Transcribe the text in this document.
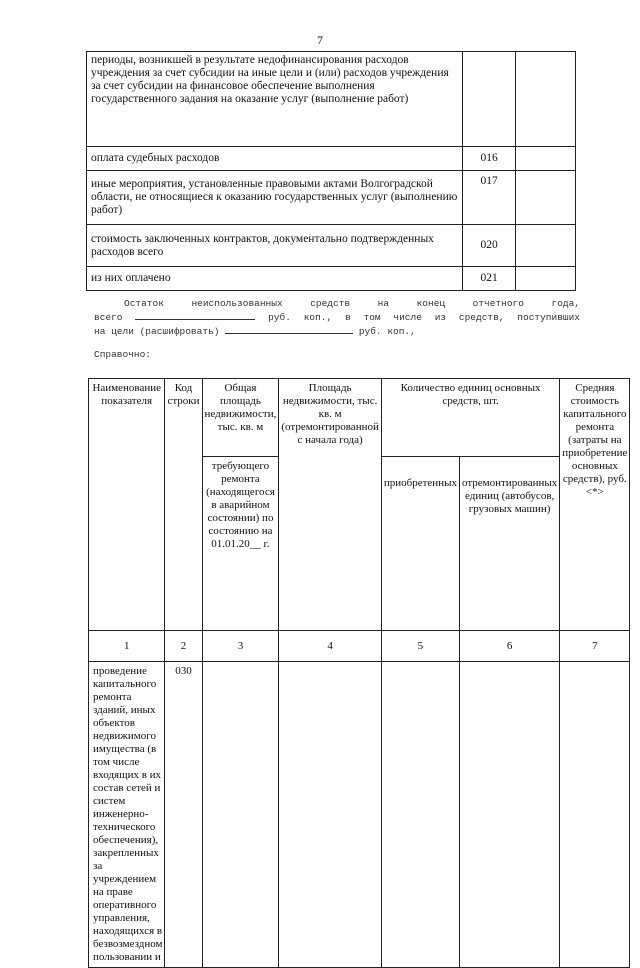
7
периоды, возникшей в результате недофинансирования расходов учреждения за счет субсидии на иные цели и (или) расходов учреждения за счет субсидии на финансовое обеспечение выполнения государственного задания на оказание услуг (выполнение работ)		
оплата судебных расходов	016	
иные мероприятия, установленные правовыми актами Волгоградской области, не относящиеся к оказанию государственных услуг (выполнению работ)	017	
стоимость заключенных контрактов, документально подтвержденных расходов всего	020	
из них оплачено	021	
Остаток неиспользованных средств на конец отчетного года,
всего	руб. коп., в том числе из средств, поступивших
на цели (расшифровать)	руб. коп.,
Справочно:
Наименование показателя	Код строки	Общая площадь недвижимости, тыс. кв. м	Площадь недвижимости, тыс. кв. м (отремонтированной с начала года)	Количество единиц основных средств, шт.		Средняя стоимость капитального ремонта (затраты на приобретение основных средств), руб. <*>
		требующего ремонта (находящегося в аварийном состоянии) по состоянию на 01.01.20__ г.		приобретенных	отремонтированных единиц (автобусов, грузовых машин)	

1	2	3	4	5	6	7
проведение капитального ремонта зданий, иных объектов недвижимого имущества (в том числе входящих в их состав сетей и систем инженерно-технического обеспечения), закрепленных за учреждением на праве оперативного управления, находящихся в безвозмездном пользовании и	030					
